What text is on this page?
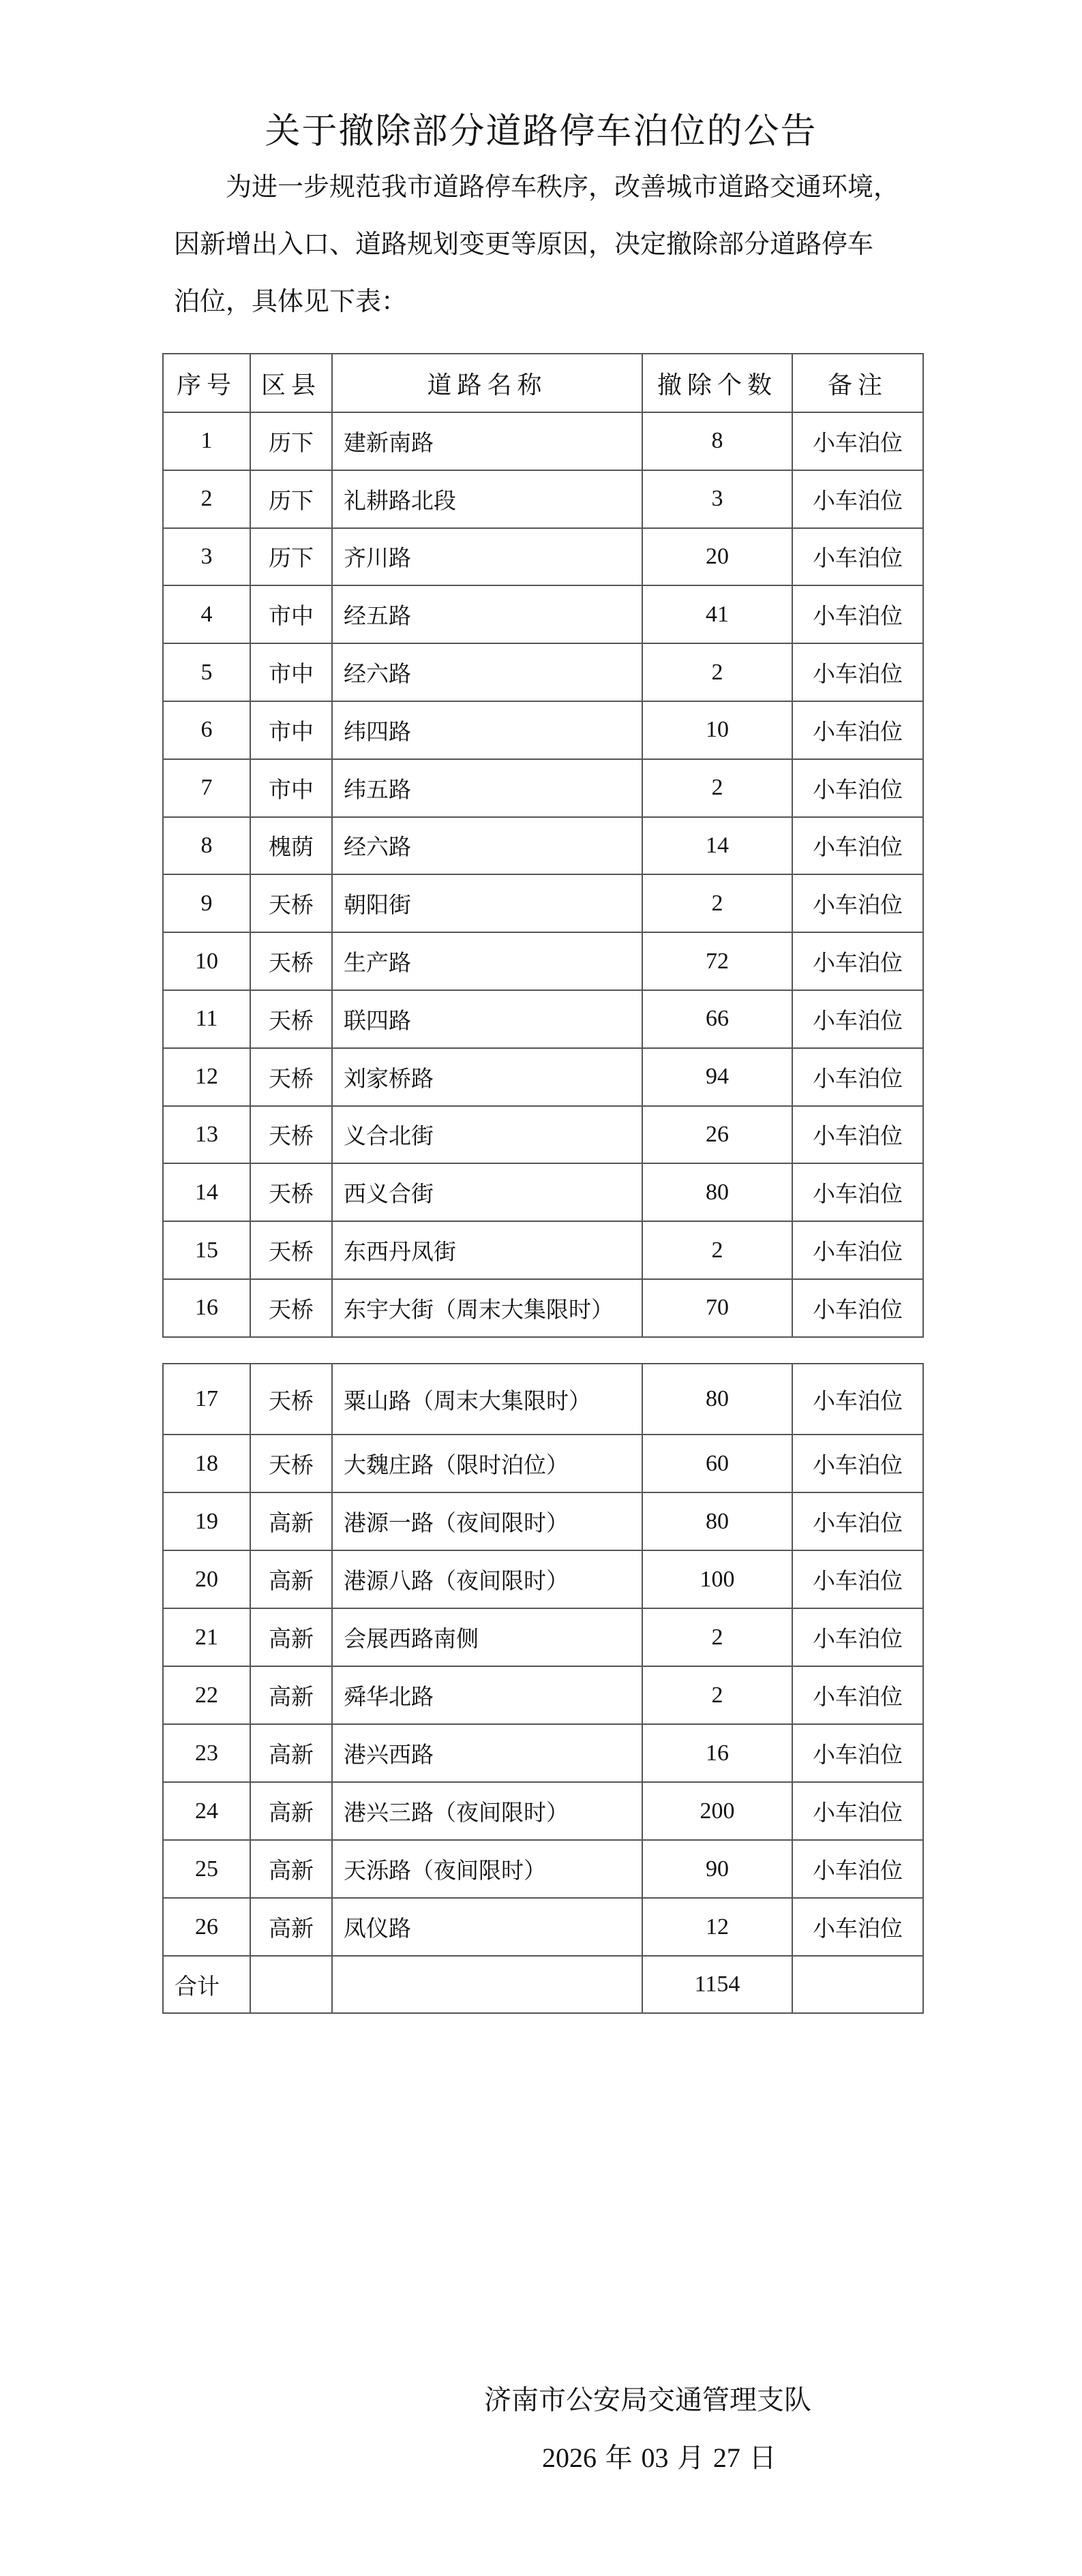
关于撤除部分道路停车泊位的公告
为进一步规范我市道路停车秩序，改善城市道路交通环境，
因新增出入口、道路规划变更等原因，决定撤除部分道路停车
泊位，具体见下表：
序号	区县	道路名称	撤除个数	备注
1	历下	建新南路	8	小车泊位
2	历下	礼耕路北段	3	小车泊位
3	历下	齐川路	20	小车泊位
4	市中	经五路	41	小车泊位
5	市中	经六路	2	小车泊位
6	市中	纬四路	10	小车泊位
7	市中	纬五路	2	小车泊位
8	槐荫	经六路	14	小车泊位
9	天桥	朝阳街	2	小车泊位
10	天桥	生产路	72	小车泊位
11	天桥	联四路	66	小车泊位
12	天桥	刘家桥路	94	小车泊位
13	天桥	义合北街	26	小车泊位
14	天桥	西义合街	80	小车泊位
15	天桥	东西丹凤街	2	小车泊位
16	天桥	东宇大街（周末大集限时）	70	小车泊位
17	天桥	粟山路（周末大集限时）	80	小车泊位
18	天桥	大魏庄路（限时泊位）	60	小车泊位
19	高新	港源一路（夜间限时）	80	小车泊位
20	高新	港源八路（夜间限时）	100	小车泊位
21	高新	会展西路南侧	2	小车泊位
22	高新	舜华北路	2	小车泊位
23	高新	港兴西路	16	小车泊位
24	高新	港兴三路（夜间限时）	200	小车泊位
25	高新	天泺路（夜间限时）	90	小车泊位
26	高新	凤仪路	12	小车泊位
合计			1154	
济南市公安局交通管理支队
2026 年 03 月 27 日
